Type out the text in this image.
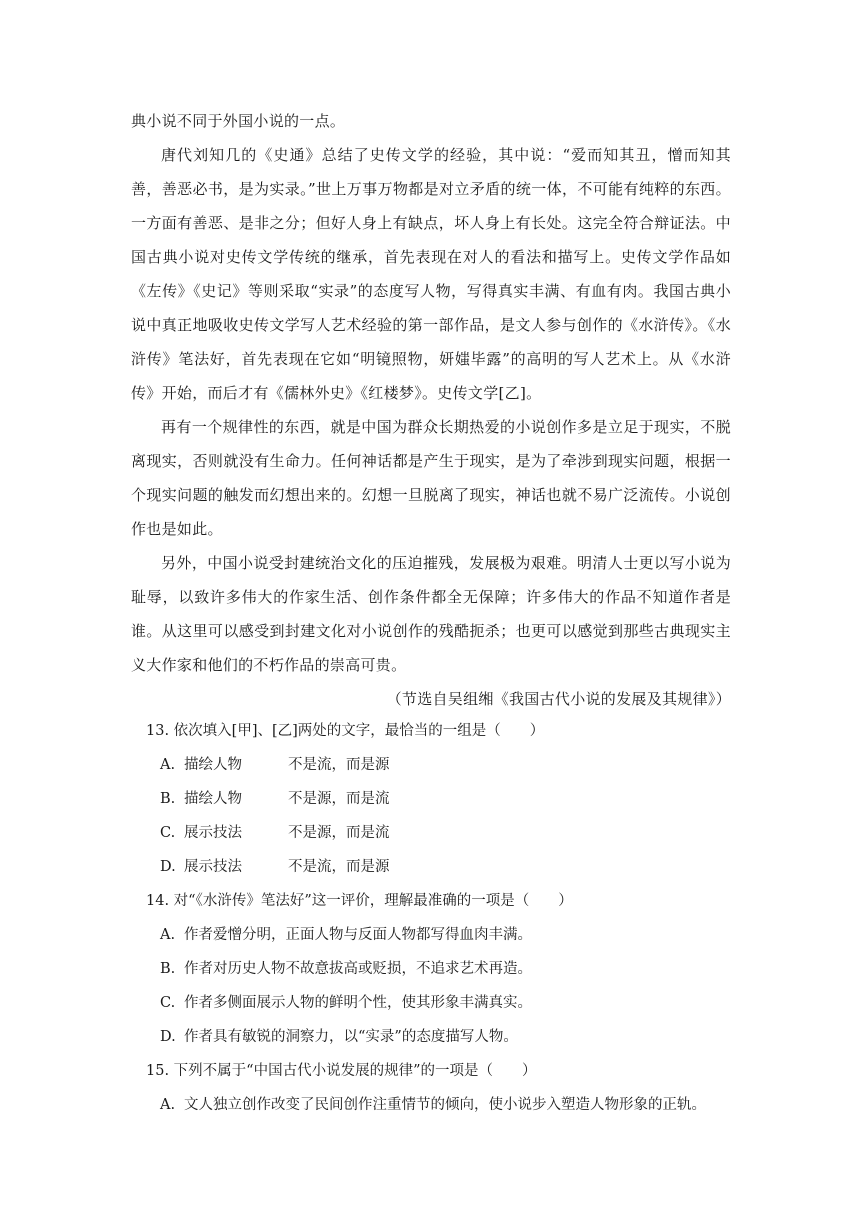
典小说不同于外国小说的一点。

唐代刘知几的《史通》总结了史传文学的经验，其中说：“爱而知其丑，憎而知其善，善恶必书，是为实录。”世上万事万物都是对立矛盾的统一体，不可能有纯粹的东西。一方面有善恶、是非之分；但好人身上有缺点，坏人身上有长处。这完全符合辩证法。中国古典小说对史传文学传统的继承，首先表现在对人的看法和描写上。史传文学作品如《左传》《史记》等则采取“实录”的态度写人物，写得真实丰满、有血有肉。我国古典小说中真正地吸收史传文学写人艺术经验的第一部作品，是文人参与创作的《水浒传》。《水浒传》笔法好，首先表现在它如“明镜照物，妍媸毕露”的高明的写人艺术上。从《水浒传》开始，而后才有《儒林外史》《红楼梦》。史传文学[乙]。

再有一个规律性的东西，就是中国为群众长期热爱的小说创作多是立足于现实，不脱离现实，否则就没有生命力。任何神话都是产生于现实，是为了牵涉到现实问题，根据一个现实问题的触发而幻想出来的。幻想一旦脱离了现实，神话也就不易广泛流传。小说创作也是如此。

另外，中国小说受封建统治文化的压迫摧残，发展极为艰难。明清人士更以写小说为耻辱，以致许多伟大的作家生活、创作条件都全无保障；许多伟大的作品不知道作者是谁。从这里可以感受到封建文化对小说创作的残酷扼杀；也更可以感觉到那些古典现实主义大作家和他们的不朽作品的崇高可贵。

（节选自吴组缃《我国古代小说的发展及其规律》）

13. 依次填入[甲]、[乙]两处的文字，最恰当的一组是（　　）

A. 描绘人物	不是流，而是源

B. 描绘人物	不是源，而是流

C. 展示技法	不是源，而是流

D. 展示技法	不是流，而是源

14. 对“《水浒传》笔法好”这一评价，理解最准确的一项是（　　）

A. 作者爱憎分明，正面人物与反面人物都写得血肉丰满。

B. 作者对历史人物不故意拔高或贬损，不追求艺术再造。

C. 作者多侧面展示人物的鲜明个性，使其形象丰满真实。

D. 作者具有敏锐的洞察力，以“实录”的态度描写人物。

15. 下列不属于“中国古代小说发展的规律”的一项是（　　）

A. 文人独立创作改变了民间创作注重情节的倾向，使小说步入塑造人物形象的正轨。
